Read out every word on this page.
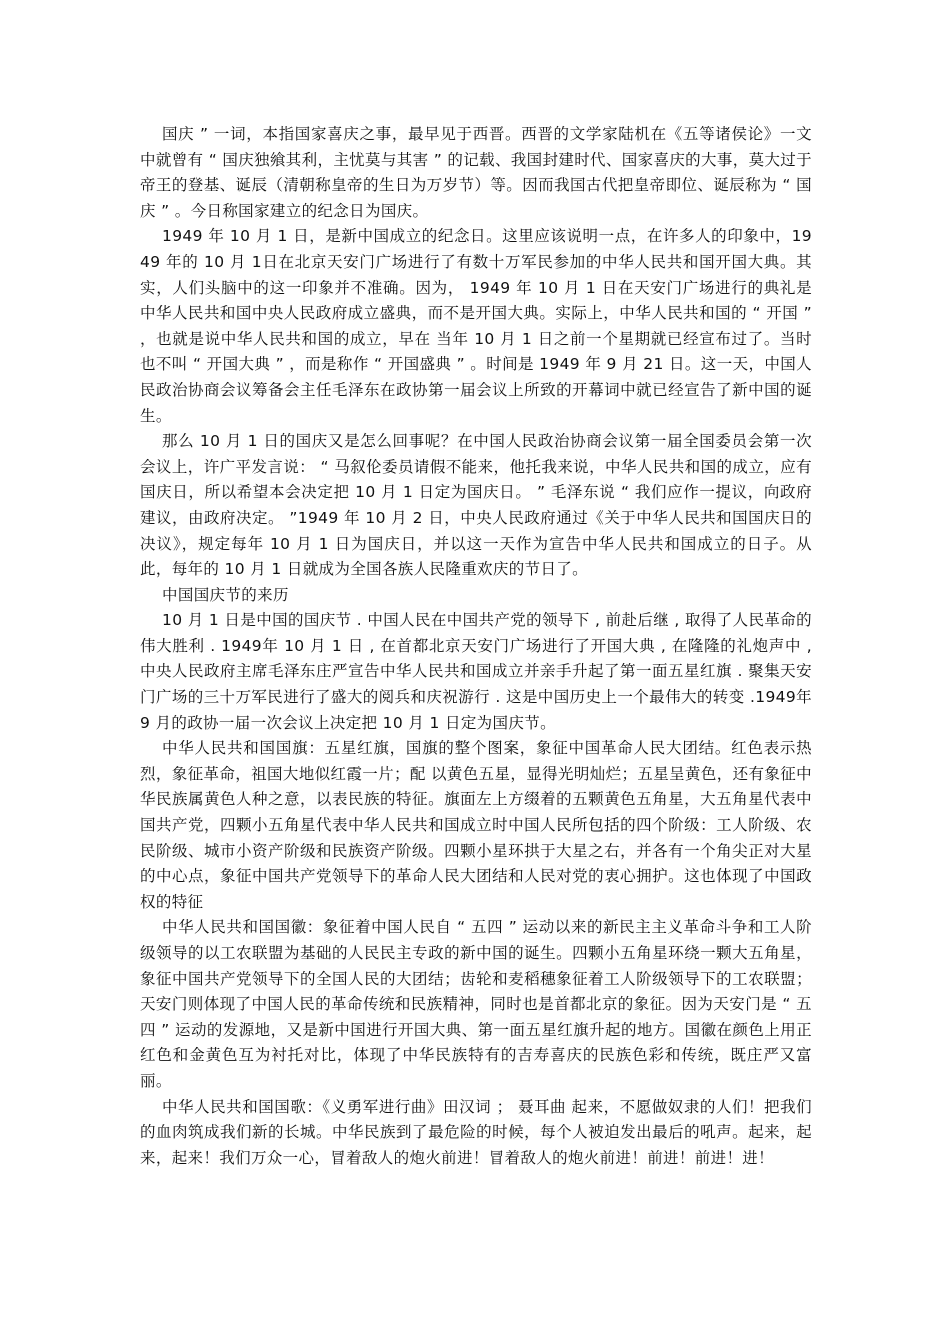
国庆 ” 一词，本指国家喜庆之事，最早见于西晋。西晋的文学家陆机在《五等诸侯论》一文中就曾有 “ 国庆独飨其利，主忧莫与其害 ” 的记载、我国封建时代、国家喜庆的大事，莫大过于帝王的登基、诞辰（清朝称皇帝的生日为万岁节）等。因而我国古代把皇帝即位、诞辰称为 “ 国庆 ” 。今日称国家建立的纪念日为国庆。

1949 年 10 月 1 日，是新中国成立的纪念日。这里应该说明一点，在许多人的印象中，1949 年的 10 月 1日在北京天安门广场进行了有数十万军民参加的中华人民共和国开国大典。其实，人们头脑中的这一印象并不准确。因为， 1949 年 10 月 1 日在天安门广场进行的典礼是中华人民共和国中央人民政府成立盛典，而不是开国大典。实际上，中华人民共和国的 “ 开国 ” ，也就是说中华人民共和国的成立，早在 当年 10 月 1 日之前一个星期就已经宣布过了。当时也不叫 “ 开国大典 ” ，而是称作 “ 开国盛典 ” 。时间是 1949 年 9 月 21 日。这一天，中国人民政治协商会议筹备会主任毛泽东在政协第一届会议上所致的开幕词中就已经宣告了新中国的诞生。

那么 10 月 1 日的国庆又是怎么回事呢？在中国人民政治协商会议第一届全国委员会第一次会议上，许广平发言说： “ 马叙伦委员请假不能来，他托我来说，中华人民共和国的成立，应有国庆日，所以希望本会决定把 10 月 1 日定为国庆日。 ” 毛泽东说 “ 我们应作一提议，向政府建议，由政府决定。 ”1949 年 10 月 2 日，中央人民政府通过《关于中华人民共和国国庆日的决议》，规定每年 10 月 1 日为国庆日，并以这一天作为宣告中华人民共和国成立的日子。从此，每年的 10 月 1 日就成为全国各族人民隆重欢庆的节日了。

中国国庆节的来历

10 月 1 日是中国的国庆节 . 中国人民在中国共产党的领导下 , 前赴后继 , 取得了人民革命的伟大胜利 . 1949年 10 月 1 日 , 在首都北京天安门广场进行了开国大典 , 在隆隆的礼炮声中 , 中央人民政府主席毛泽东庄严宣告中华人民共和国成立并亲手升起了第一面五星红旗 . 聚集天安门广场的三十万军民进行了盛大的阅兵和庆祝游行 . 这是中国历史上一个最伟大的转变 .1949年 9 月的政协一届一次会议上决定把 10 月 1 日定为国庆节。

中华人民共和国国旗：五星红旗，国旗的整个图案，象征中国革命人民大团结。红色表示热烈，象征革命，祖国大地似红霞一片；配 以黄色五星，显得光明灿烂；五星呈黄色，还有象征中华民族属黄色人种之意，以表民族的特征。旗面左上方缀着的五颗黄色五角星，大五角星代表中国共产党，四颗小五角星代表中华人民共和国成立时中国人民所包括的四个阶级：工人阶级、农民阶级、城市小资产阶级和民族资产阶级。四颗小星环拱于大星之右，并各有一个角尖正对大星的中心点，象征中国共产党领导下的革命人民大团结和人民对党的衷心拥护。这也体现了中国政权的特征

中华人民共和国国徽：象征着中国人民自 “ 五四 ” 运动以来的新民主主义革命斗争和工人阶级领导的以工农联盟为基础的人民民主专政的新中国的诞生。四颗小五角星环绕一颗大五角星，象征中国共产党领导下的全国人民的大团结；齿轮和麦稻穗象征着工人阶级领导下的工农联盟；天安门则体现了中国人民的革命传统和民族精神，同时也是首都北京的象征。因为天安门是 “ 五四 ” 运动的发源地，又是新中国进行开国大典、第一面五星红旗升起的地方。国徽在颜色上用正红色和金黄色互为衬托对比，体现了中华民族特有的吉寿喜庆的民族色彩和传统，既庄严又富丽。

中华人民共和国国歌：《义勇军进行曲》田汉词 ； 聂耳曲 起来，不愿做奴隶的人们！把我们的血肉筑成我们新的长城。中华民族到了最危险的时候，每个人被迫发出最后的吼声。起来，起来，起来！我们万众一心，冒着敌人的炮火前进！冒着敌人的炮火前进！前进！前进！进！
